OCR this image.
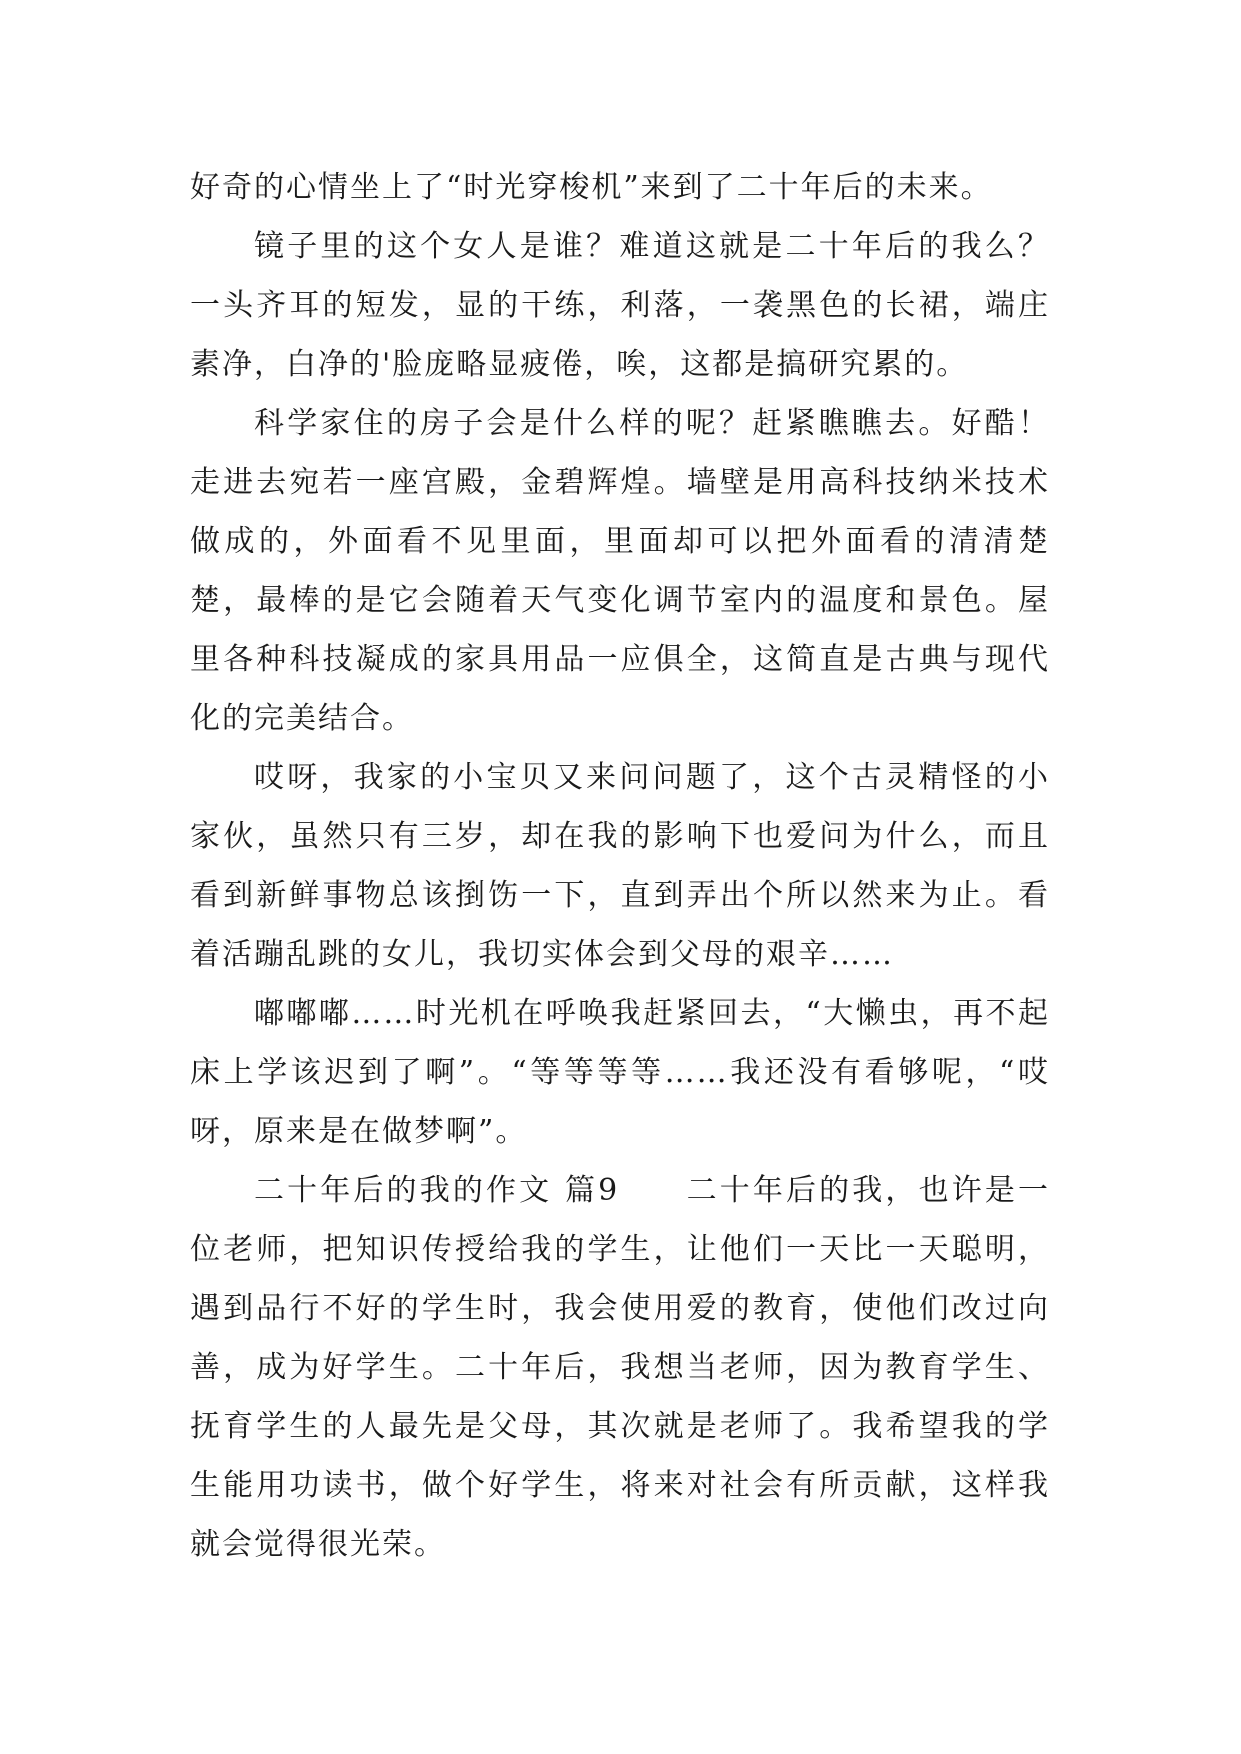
好奇的心情坐上了“时光穿梭机”来到了二十年后的未来。

镜子里的这个女人是谁？难道这就是二十年后的我么？一头齐耳的短发，显的干练，利落，一袭黑色的长裙，端庄素净，白净的'脸庞略显疲倦，唉，这都是搞研究累的。

科学家住的房子会是什么样的呢？赶紧瞧瞧去。好酷！走进去宛若一座宫殿，金碧辉煌。墙壁是用高科技纳米技术做成的，外面看不见里面，里面却可以把外面看的清清楚楚，最棒的是它会随着天气变化调节室内的温度和景色。屋里各种科技凝成的家具用品一应俱全，这简直是古典与现代化的完美结合。

哎呀，我家的小宝贝又来问问题了，这个古灵精怪的小家伙，虽然只有三岁，却在我的影响下也爱问为什么，而且看到新鲜事物总该捯饬一下，直到弄出个所以然来为止。看着活蹦乱跳的女儿，我切实体会到父母的艰辛……

嘟嘟嘟……时光机在呼唤我赶紧回去，“大懒虫，再不起床上学该迟到了啊”。“等等等等……我还没有看够呢，“哎呀，原来是在做梦啊”。

二十年后的我的作文 篇9　　二十年后的我，也许是一位老师，把知识传授给我的学生，让他们一天比一天聪明，遇到品行不好的学生时，我会使用爱的教育，使他们改过向善，成为好学生。二十年后，我想当老师，因为教育学生、抚育学生的人最先是父母，其次就是老师了。我希望我的学生能用功读书，做个好学生，将来对社会有所贡献，这样我就会觉得很光荣。
